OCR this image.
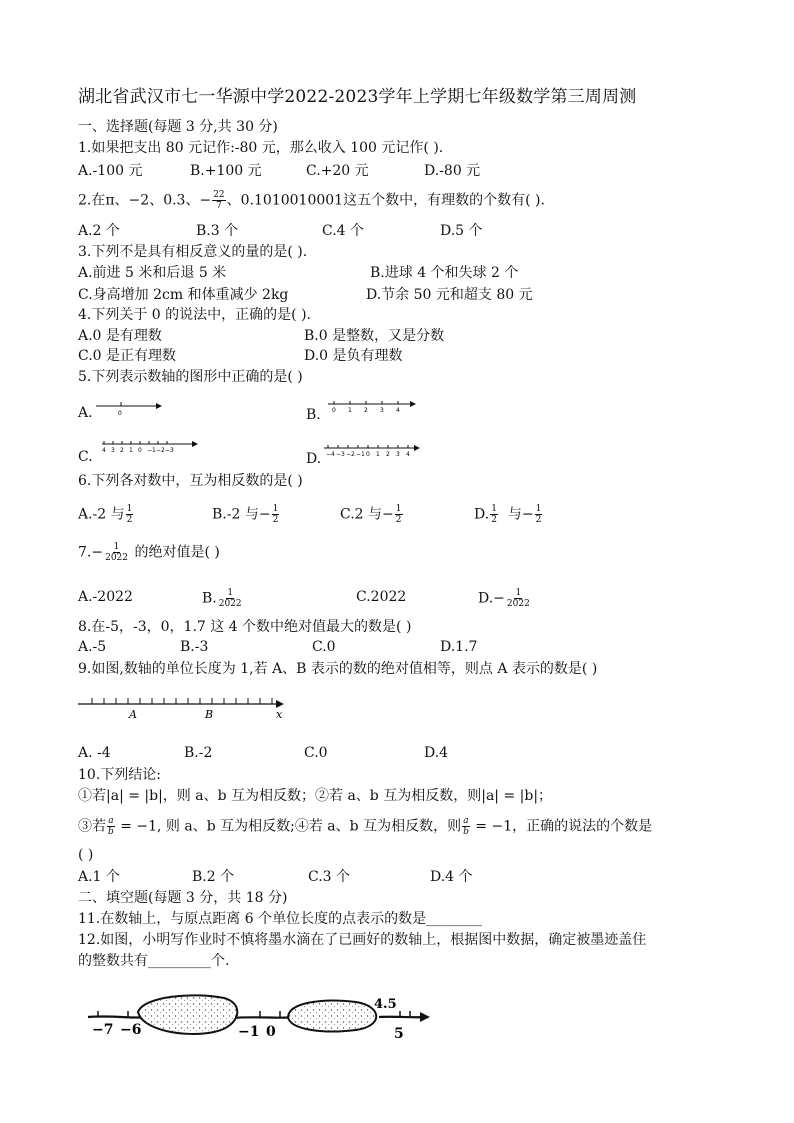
湖北省武汉市七一华源中学2022-2023学年上学期七年级数学第三周周测
一、选择题(每题 3 分,共 30 分)
1.如果把支出 80 元记作:-80 元，那么收入 100 元记作( ).
A.-100 元	B.+100 元	C.+20 元	D.-80 元
2.在π、−2、0.3、− $\frac{22}{7}$ 、0.1010010001这五个数中，有理数的个数有( ).
A.2 个	B.3 个	C.4 个	D.5 个
3.下列不是具有相反意义的量的是( ).
A.前进 5 米和后退 5 米	B.进球 4 个和失球 2 个
C.身高增加 2cm 和体重减少 2kg	D.节余 50 元和超支 80 元
4.下列关于 0 的说法中，正确的是( ).
A.0 是有理数	B.0 是整数，又是分数
C.0 是正有理数	D.0 是负有理数
5.下列表示数轴的图形中正确的是( )
A.	0	B. 0 1 2 3 4
C. 4 3 2 1 0 −1 −2 −3
D. −4 −3 −2 −1 0 1 2 3 4
6.下列各对数中，互为相反数的是( )
A.-2 与 $\frac{1}{2}$	B.-2 与− $\frac{1}{2}$	C.2 与− $\frac{1}{2}$	D. $\frac{1}{2}$ 与− $\frac{1}{2}$
$7.- \frac{1}{2022}$ 的绝对值是( )
A.-2022	B. $\frac{1}{2022}$	C.2022	$D.- \frac{1}{2022}$
8.在-5，-3，0，1.7 这 4 个数中绝对值最大的数是( )
A.-5	B.-3	C.0	D.1.7
9.如图,数轴的单位长度为 1,若 A、B 表示的数的绝对值相等，则点 A 表示的数是( )
A	B	x
A. -4	B.-2	C.0	D.4
10.下列结论:
①若|a| = |b|，则 a、b 互为相反数；②若 a、b 互为相反数，则|a| = |b|；
③若 $\frac{a}{b} = -1$, 则 a、b 互为相反数;④若 a、b 互为相反数，则 $\frac{a}{b} = -1$，正确的说法的个数是
( )
A.1 个	B.2 个	C.3 个	D.4 个
二、填空题(每题 3 分，共 18 分)
11.在数轴上，与原点距离 6 个单位长度的点表示的数是________
12.如图，小明写作业时不慎将墨水滴在了已画好的数轴上，根据图中数据，确定被墨迹盖住
的整数共有_________个.
−7 −6	−1 0
4.5
5
